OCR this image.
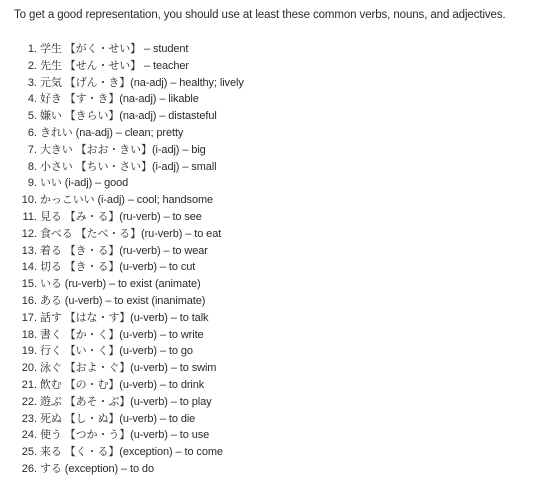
To get a good representation, you should use at least these common verbs, nouns, and adjectives.

1. 学生 【がく・せい】 – student
2. 先生 【せん・せい】 – teacher
3. 元気 【げん・き】(na-adj) – healthy; lively
4. 好き 【す・き】(na-adj) – likable
5. 嫌い 【きらい】(na-adj) – distasteful
6. きれい (na-adj) – clean; pretty
7. 大きい 【おお・きい】(i-adj) – big
8. 小さい 【ちい・さい】(i-adj) – small
9. いい (i-adj) – good
10. かっこいい (i-adj) – cool; handsome
11. 見る 【み・る】(ru-verb) – to see
12. 食べる 【たべ・る】(ru-verb) – to eat
13. 着る 【き・る】(ru-verb) – to wear
14. 切る 【き・る】(u-verb) – to cut
15. いる (ru-verb) – to exist (animate)
16. ある (u-verb) – to exist (inanimate)
17. 話す 【はな・す】(u-verb) – to talk
18. 書く 【か・く】(u-verb) – to write
19. 行く 【い・く】(u-verb) – to go
20. 泳ぐ 【およ・ぐ】(u-verb) – to swim
21. 飲む 【の・む】(u-verb) – to drink
22. 遊ぶ 【あそ・ぶ】(u-verb) – to play
23. 死ぬ 【し・ぬ】(u-verb) – to die
24. 使う 【つか・う】(u-verb) – to use
25. 来る 【く・る】(exception) – to come
26. する (exception) – to do
